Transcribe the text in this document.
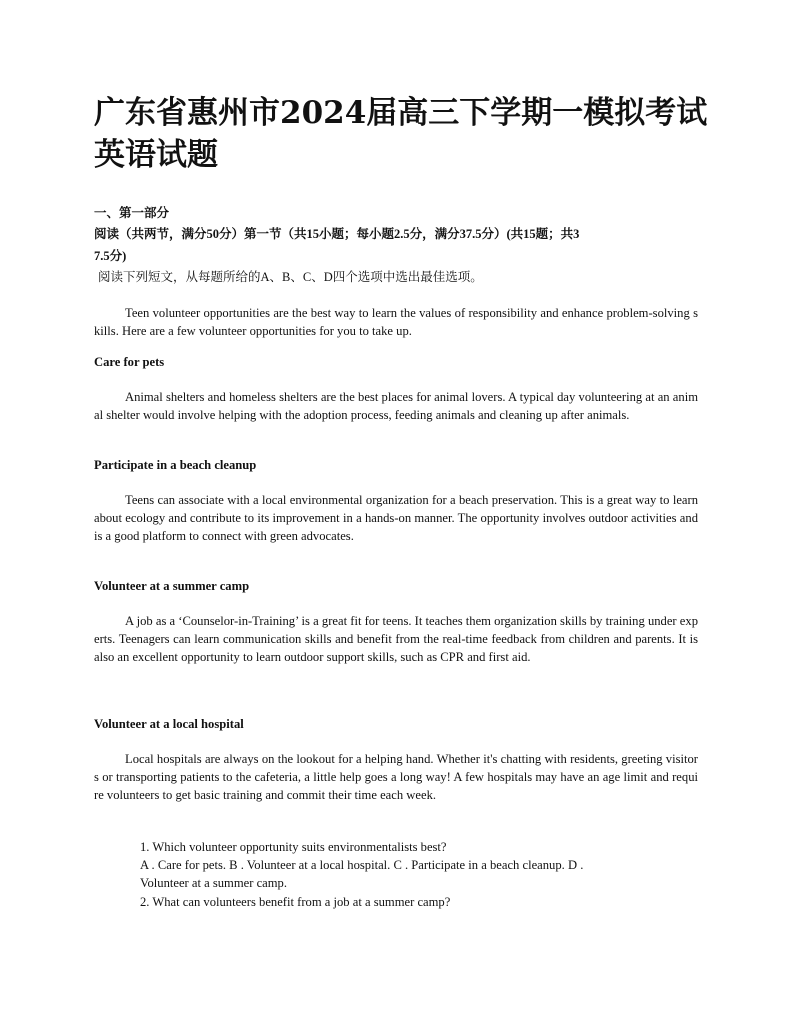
广东省惠州市2024届高三下学期一模拟考试
英语试题
一、第一部分
阅读（共两节，满分50分）第一节（共15小题；每小题2.5分，满分37.5分）(共15题；共3
7.5分)
阅读下列短文，从每题所给的A、B、C、D四个选项中选出最佳选项。
Teen volunteer opportunities are the best way to learn the values of responsibility and enhance problem-solving skills. Here are a few volunteer opportunities for you to take up.
Care for pets
Animal shelters and homeless shelters are the best places for animal lovers. A typical day volunteering at an animal shelter would involve helping with the adoption process, feeding animals and cleaning up after animals.
Participate in a beach cleanup
Teens can associate with a local environmental organization for a beach preservation. This is a great way to learn about ecology and contribute to its improvement in a hands-on manner. The opportunity involves outdoor activities and is a good platform to connect with green advocates.
Volunteer at a summer camp
A job as a ‘Counselor-in-Training’ is a great fit for teens. It teaches them organization skills by training under experts. Teenagers can learn communication skills and benefit from the real-time feedback from children and parents. It is also an excellent opportunity to learn outdoor support skills, such as CPR and first aid.
Volunteer at a local hospital
Local hospitals are always on the lookout for a helping hand. Whether it's chatting with residents, greeting visitors or transporting patients to the cafeteria, a little help goes a long way! A few hospitals may have an age limit and require volunteers to get basic training and commit their time each week.
1. Which volunteer opportunity suits environmentalists best?
A . Care for pets. B . Volunteer at a local hospital. C . Participate in a beach cleanup. D .
Volunteer at a summer camp.
2. What can volunteers benefit from a job at a summer camp?
